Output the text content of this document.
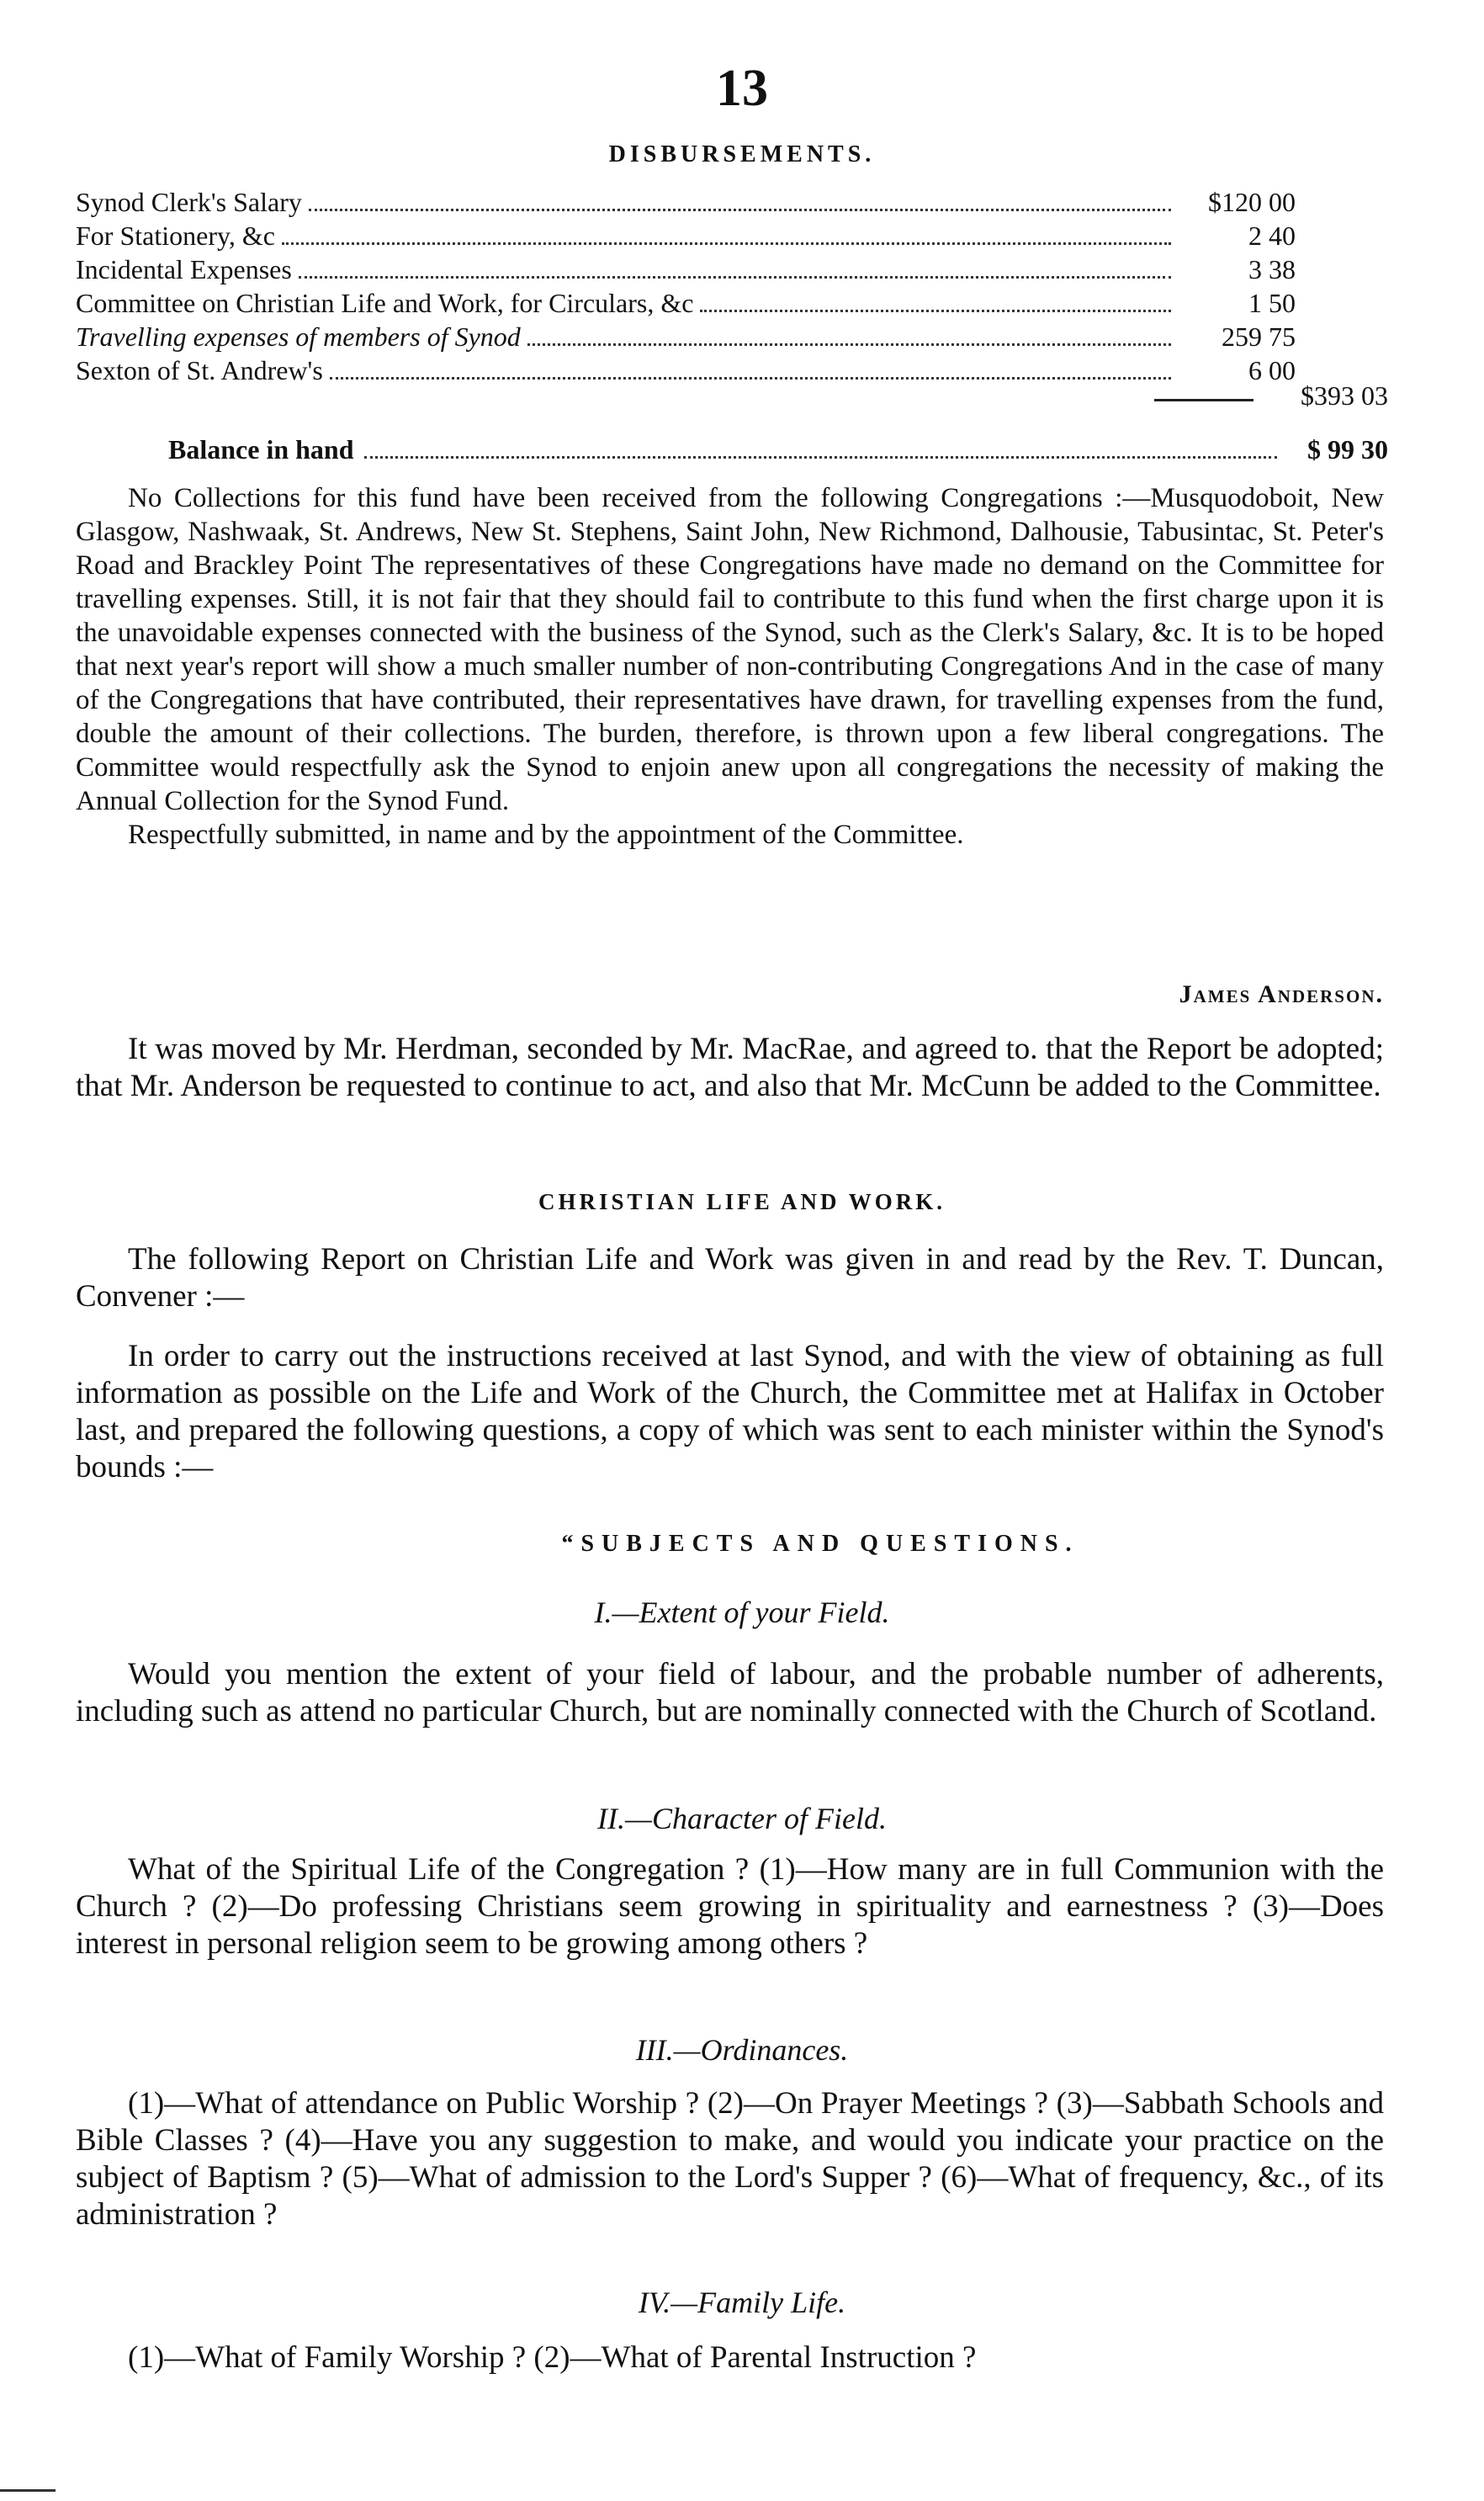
13
DISBURSEMENTS.
Synod Clerk's Salary	$120 00
For Stationery, &c	2 40
Incidental Expenses	3 38
Committee on Christian Life and Work, for Circulars, &c	1 50
Travelling expenses of members of Synod	259 75
Sexton of St. Andrew's	6 00
$393 03
Balance in hand	$ 99 30

No Collections for this fund have been received from the following Congregations :—Musquodoboit, New Glasgow, Nashwaak, St. Andrews, New St. Stephens, Saint John, New Richmond, Dalhousie, Tabusintac, St. Peter's Road and Brackley Point The representatives of these Congregations have made no demand on the Committee for travelling expenses. Still, it is not fair that they should fail to contribute to this fund when the first charge upon it is the unavoidable expenses connected with the business of the Synod, such as the Clerk's Salary, &c. It is to be hoped that next year's report will show a much smaller number of non-contributing Congregations And in the case of many of the Congregations that have contributed, their representatives have drawn, for travelling expenses from the fund, double the amount of their collections. The burden, therefore, is thrown upon a few liberal congregations. The Committee would respectfully ask the Synod to enjoin anew upon all congregations the necessity of making the Annual Collection for the Synod Fund.

Respectfully submitted, in name and by the appointment of the Committee.

James Anderson.

It was moved by Mr. Herdman, seconded by Mr. MacRae, and agreed to. that the Report be adopted; that Mr. Anderson be requested to continue to act, and also that Mr. McCunn be added to the Committee.

CHRISTIAN LIFE AND WORK.

The following Report on Christian Life and Work was given in and read by the Rev. T. Duncan, Convener :—

In order to carry out the instructions received at last Synod, and with the view of obtaining as full information as possible on the Life and Work of the Church, the Committee met at Halifax in October last, and prepared the following questions, a copy of which was sent to each minister within the Synod's bounds :—

“SUBJECTS AND QUESTIONS.
I.—Extent of your Field.

Would you mention the extent of your field of labour, and the probable number of adherents, including such as attend no particular Church, but are nominally connected with the Church of Scotland.

II.—Character of Field.

What of the Spiritual Life of the Congregation ? (1)—How many are in full Communion with the Church ? (2)—Do professing Christians seem growing in spirituality and earnestness ? (3)—Does interest in personal religion seem to be growing among others ?

III.—Ordinances.

(1)—What of attendance on Public Worship ? (2)—On Prayer Meetings ? (3)—Sabbath Schools and Bible Classes ? (4)—Have you any suggestion to make, and would you indicate your practice on the subject of Baptism ? (5)—What of admission to the Lord's Supper ? (6)—What of frequency, &c., of its administration ?

IV.—Family Life.

(1)—What of Family Worship ? (2)—What of Parental Instruction ?
